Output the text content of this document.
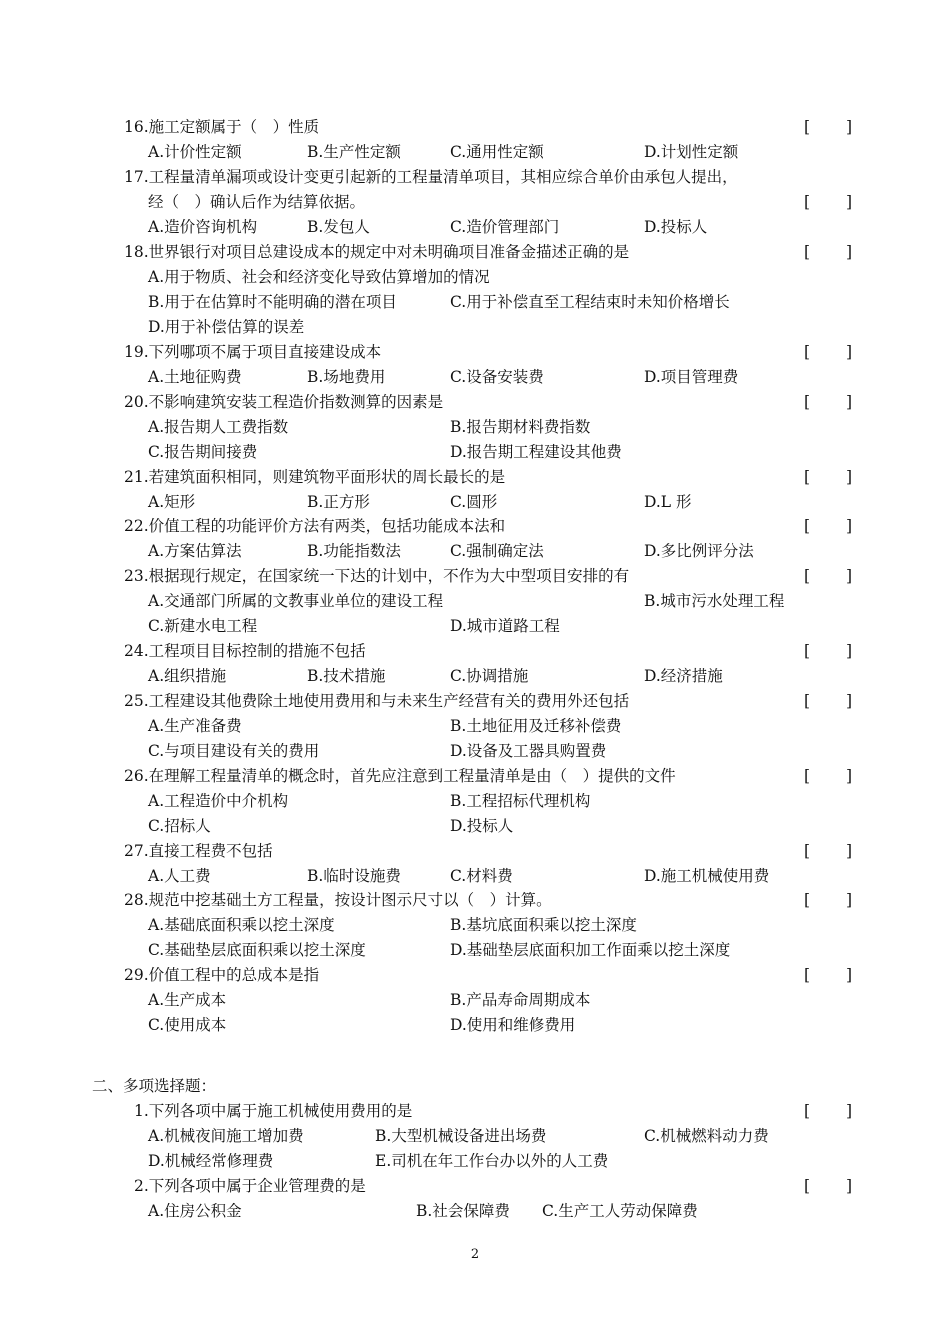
16.施工定额属于（　）性质	[ ]
A.计价性定额	B.生产性定额	C.通用性定额	D.计划性定额
17.工程量清单漏项或设计变更引起新的工程量清单项目，其相应综合单价由承包人提出，
经（　）确认后作为结算依据。	[ ]
A.造价咨询机构	B.发包人	C.造价管理部门	D.投标人
18.世界银行对项目总建设成本的规定中对未明确项目准备金描述正确的是	[ ]
A.用于物质、社会和经济变化导致估算增加的情况
B.用于在估算时不能明确的潜在项目	C.用于补偿直至工程结束时未知价格增长
D.用于补偿估算的误差
19.下列哪项不属于项目直接建设成本	[ ]
A.土地征购费	B.场地费用	C.设备安装费	D.项目管理费
20.不影响建筑安装工程造价指数测算的因素是	[ ]
A.报告期人工费指数	B.报告期材料费指数
C.报告期间接费	D.报告期工程建设其他费
21.若建筑面积相同，则建筑物平面形状的周长最长的是	[ ]
A.矩形	B.正方形	C.圆形	D.L 形
22.价值工程的功能评价方法有两类，包括功能成本法和	[ ]
A.方案估算法	B.功能指数法	C.强制确定法	D.多比例评分法
23.根据现行规定，在国家统一下达的计划中，不作为大中型项目安排的有	[ ]
A.交通部门所属的文教事业单位的建设工程	B.城市污水处理工程
C.新建水电工程	D.城市道路工程
24.工程项目目标控制的措施不包括	[ ]
A.组织措施	B.技术措施	C.协调措施	D.经济措施
25.工程建设其他费除土地使用费用和与未来生产经营有关的费用外还包括	[ ]
A.生产准备费	B.土地征用及迁移补偿费
C.与项目建设有关的费用	D.设备及工器具购置费
26.在理解工程量清单的概念时，首先应注意到工程量清单是由（　）提供的文件	[ ]
A.工程造价中介机构	B.工程招标代理机构
C.招标人	D.投标人
27.直接工程费不包括	[ ]
A.人工费	B.临时设施费	C.材料费	D.施工机械使用费
28.规范中挖基础土方工程量，按设计图示尺寸以（　）计算。	[ ]
A.基础底面积乘以挖土深度	B.基坑底面积乘以挖土深度
C.基础垫层底面积乘以挖土深度	D.基础垫层底面积加工作面乘以挖土深度
29.价值工程中的总成本是指	[ ]
A.生产成本	B.产品寿命周期成本
C.使用成本	D.使用和维修费用
二、多项选择题：
1.下列各项中属于施工机械使用费用的是	[ ]
A.机械夜间施工增加费	B.大型机械设备进出场费	C.机械燃料动力费
D.机械经常修理费	E.司机在年工作台办以外的人工费
2.下列各项中属于企业管理费的是	[ ]
A.住房公积金	B.社会保障费 C.生产工人劳动保障费
2
